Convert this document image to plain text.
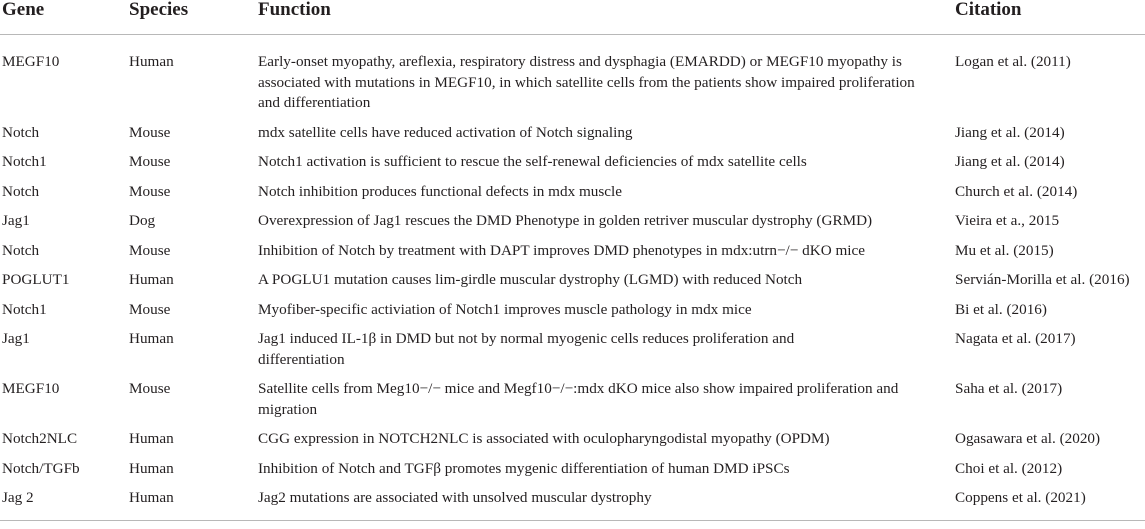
Gene	Species	Function	Citation
MEGF10	Human	Early-onset myopathy, areflexia, respiratory distress and dysphagia (EMARDD) or MEGF10 myopathy is associated with mutations in MEGF10, in which satellite cells from the patients show impaired proliferation and differentiation	Logan et al. (2011)
Notch	Mouse	mdx satellite cells have reduced activation of Notch signaling	Jiang et al. (2014)
Notch1	Mouse	Notch1 activation is sufficient to rescue the self-renewal deficiencies of mdx satellite cells	Jiang et al. (2014)
Notch	Mouse	Notch inhibition produces functional defects in mdx muscle	Church et al. (2014)
Jag1	Dog	Overexpression of Jag1 rescues the DMD Phenotype in golden retriver muscular dystrophy (GRMD)	Vieira et a., 2015
Notch	Mouse	Inhibition of Notch by treatment with DAPT improves DMD phenotypes in mdx:utrn−/− dKO mice	Mu et al. (2015)
POGLUT1	Human	A POGLU1 mutation causes lim-girdle muscular dystrophy (LGMD) with reduced Notch	Servián-Morilla et al. (2016)
Notch1	Mouse	Myofiber-specific activiation of Notch1 improves muscle pathology in mdx mice	Bi et al. (2016)
Jag1	Human	Jag1 induced IL-1β in DMD but not by normal myogenic cells reduces proliferation and differentiation	Nagata et al. (2017)
MEGF10	Mouse	Satellite cells from Meg10−/− mice and Megf10−/−:mdx dKO mice also show impaired proliferation and migration	Saha et al. (2017)
Notch2NLC	Human	CGG expression in NOTCH2NLC is associated with oculopharyngodistal myopathy (OPDM)	Ogasawara et al. (2020)
Notch/TGFb	Human	Inhibition of Notch and TGFβ promotes mygenic differentiation of human DMD iPSCs	Choi et al. (2012)
Jag 2	Human	Jag2 mutations are associated with unsolved muscular dystrophy	Coppens et al. (2021)
